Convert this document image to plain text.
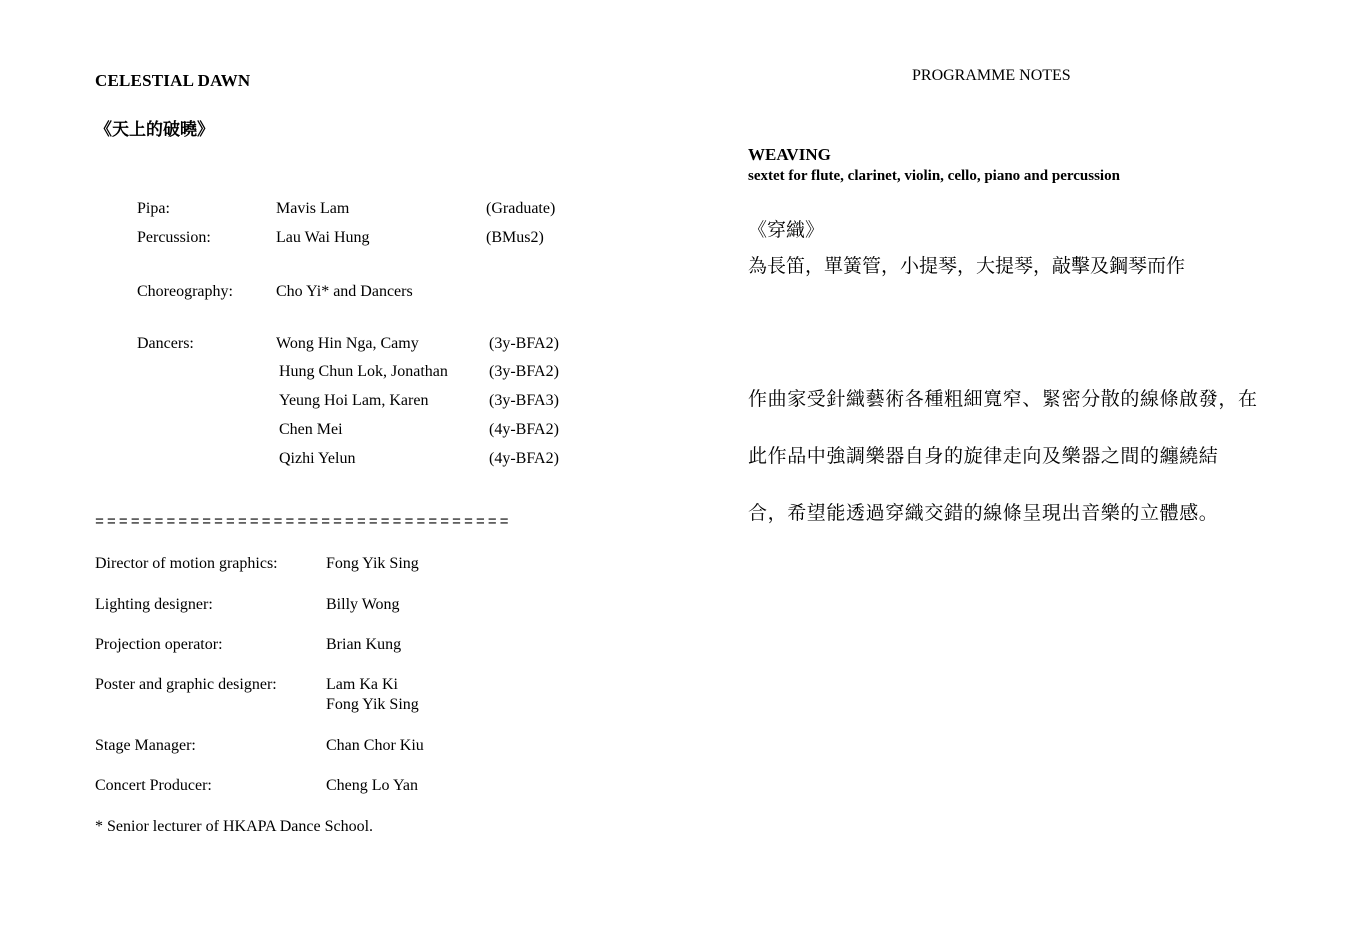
CELESTIAL DAWN
《天上的破曉》
Pipa:	Mavis Lam	(Graduate)
Percussion:	Lau Wai Hung	(BMus2)
Choreography:	Cho Yi* and Dancers
Dancers:	Wong Hin Nga, Camy	(3y-BFA2)
Hung Chun Lok, Jonathan	(3y-BFA2)
Yeung Hoi Lam, Karen	(3y-BFA3)
Chen Mei	(4y-BFA2)
Qizhi Yelun	(4y-BFA2)
===================================
Director of motion graphics:	Fong Yik Sing
Lighting designer:	Billy Wong
Projection operator:	Brian Kung
Poster and graphic designer:	Lam Ka Ki
Fong Yik Sing
Stage Manager:	Chan Chor Kiu
Concert Producer:	Cheng Lo Yan
* Senior lecturer of HKAPA Dance School.
PROGRAMME NOTES
WEAVING
sextet for flute, clarinet, violin, cello, piano and percussion
《穿織》
為長笛，單簧管，小提琴，大提琴，敲擊及鋼琴而作
作曲家受針織藝術各種粗細寬窄、緊密分散的線條啟發，在
此作品中強調樂器自身的旋律走向及樂器之間的纏繞結
合，希望能透過穿織交錯的線條呈現出音樂的立體感。
